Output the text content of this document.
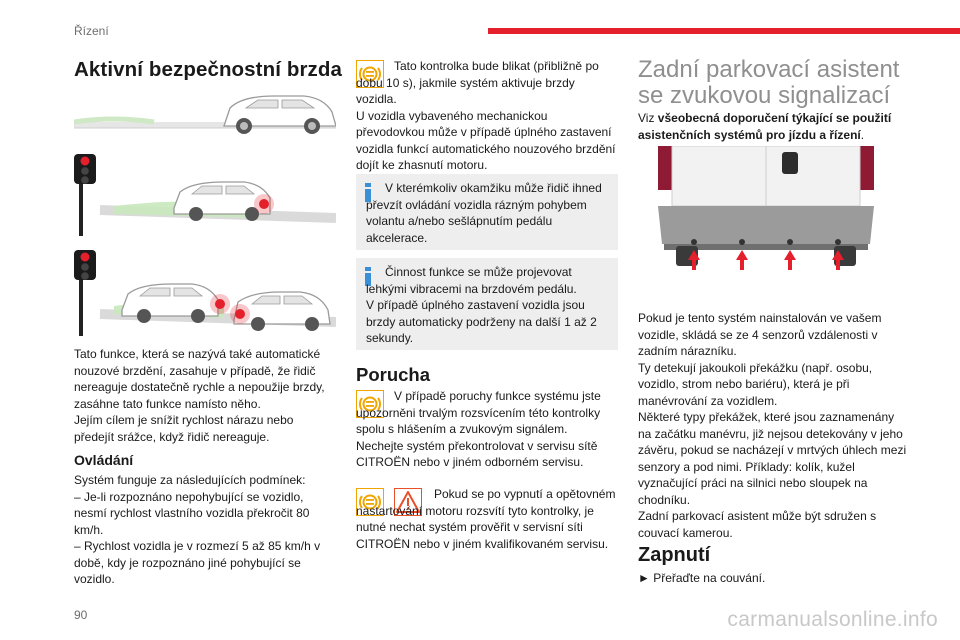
Řízení
Aktivní bezpečnostní brzda
Tato funkce, která se nazývá také automatické nouzové brzdění, zasahuje v případě, že řidič nereaguje dostatečně rychle a nepoužije brzdy, zasáhne tato funkce namísto něho.
Jejím cílem je snížit rychlost nárazu nebo předejít srážce, když řidič nereaguje.
Ovládání
Systém funguje za následujících podmínek:
– Je-li rozpoznáno nepohybující se vozidlo, nesmí rychlost vlastního vozidla překročit 80 km/h.
– Rychlost vozidla je v rozmezí 5 až 85 km/h v době, kdy je rozpoznáno jiné pohybující se vozidlo.
Tato kontrolka bude blikat (přibližně po dobu 10 s), jakmile systém aktivuje brzdy vozidla.
U vozidla vybaveného mechanickou převodovkou může v případě úplného zastavení vozidla funkcí automatického nouzového brzdění dojít ke zhasnutí motoru.
V kterémkoliv okamžiku může řidič ihned převzít ovládání vozidla rázným pohybem volantu a/nebo sešlápnutím pedálu akcelerace.
Činnost funkce se může projevovat lehkými vibracemi na brzdovém pedálu.
V případě úplného zastavení vozidla jsou brzdy automaticky podrženy na další 1 až 2 sekundy.
Porucha
V případě poruchy funkce systému jste upozorněni trvalým rozsvícením této kontrolky spolu s hlášením a zvukovým signálem.
Nechejte systém překontrolovat v servisu sítě CITROËN nebo v jiném odborném servisu.
Pokud se po vypnutí a opětovném nastartování motoru rozsvítí tyto kontrolky, je nutné nechat systém prověřit v servisní síti CITROËN nebo v jiném kvalifikovaném servisu.
Zadní parkovací asistent se zvukovou signalizací
Viz všeobecná doporučení týkající se použití asistenčních systémů pro jízdu a řízení.
Pokud je tento systém nainstalován ve vašem vozidle, skládá se ze 4 senzorů vzdálenosti v zadním nárazníku.
Ty detekují jakoukoli překážku (např. osobu, vozidlo, strom nebo bariéru), která je při manévrování za vozidlem.
Některé typy překážek, které jsou zaznamenány na začátku manévru, již nejsou detekovány v jeho závěru, pokud se nacházejí v mrtvých úhlech mezi senzory a pod nimi. Příklady: kolík, kužel vyznačující práci na silnici nebo sloupek na chodníku.
Zadní parkovací asistent může být sdružen s couvací kamerou.
Zapnutí
► Přeřaďte na couvání.
90	carmanualsonline.info
